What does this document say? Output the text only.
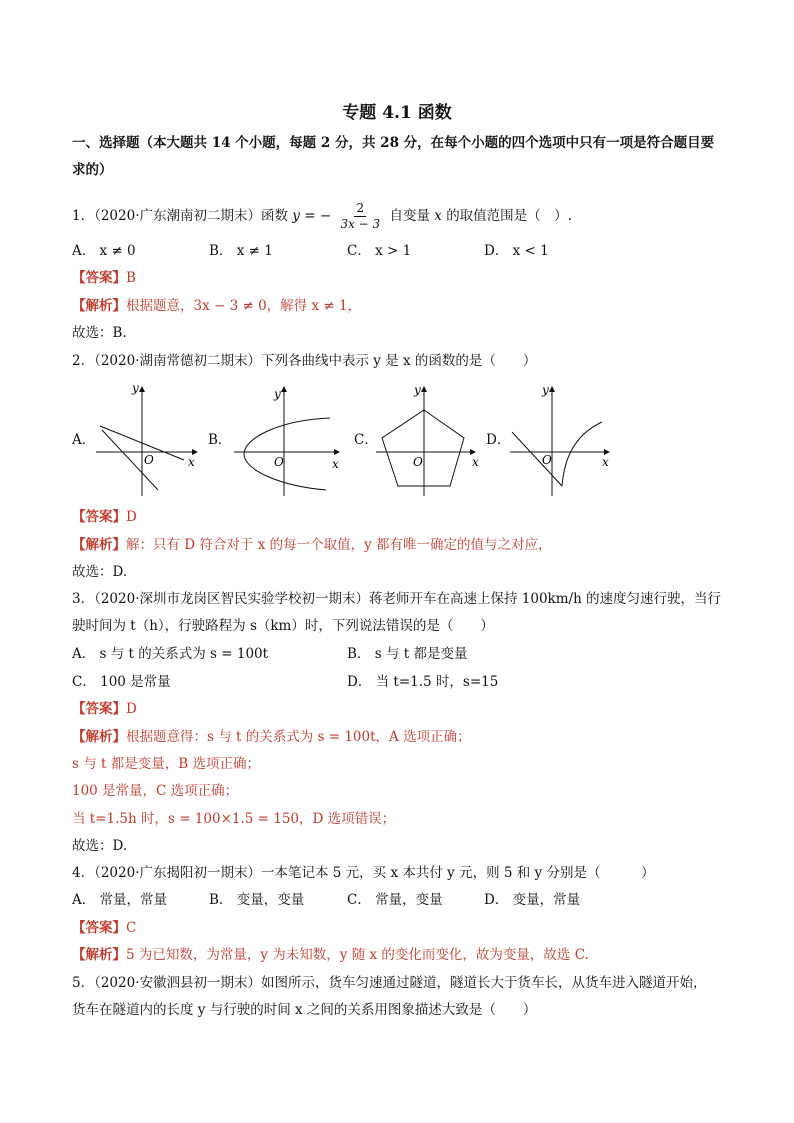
专题 4.1 函数
一、选择题（本大题共 14 个小题，每题 2 分，共 28 分，在每个小题的四个选项中只有一项是符合题目要
求的）
1．（2020·广东潮南初二期末）函数 y = − $\frac{2}{3x - 3}$ 自变量 x 的取值范围是（　）.
A． x ≠ 0	B． x ≠ 1	C． x > 1	D． x < 1
【答案】B
【解析】根据题意，3x − 3 ≠ 0，解得 x ≠ 1，
故选：B.
2．（2020·湖南常德初二期末）下列各曲线中表示 y 是 x 的函数的是（　　）
A．	B．	C．	D．
y
x
O
y
x
O
y
x
O
y
x
O
【答案】D
【解析】解：只有 D 符合对于 x 的每一个取值，y 都有唯一确定的值与之对应，
故选：D.
3．（2020·深圳市龙岗区智民实验学校初一期末）蒋老师开车在高速上保持 100km/h 的速度匀速行驶，当行
驶时间为 t（h），行驶路程为 s（km）时，下列说法错误的是（　　）
A． s 与 t 的关系式为 s = 100t	B． s 与 t 都是变量
C． 100 是常量	D． 当 t=1.5 时，s=15
【答案】D
【解析】根据题意得：s 与 t 的关系式为 s = 100t，A 选项正确；
s 与 t 都是变量，B 选项正确；
100 是常量，C 选项正确；
当 t=1.5h 时，s = 100×1.5 = 150，D 选项错误；
故选：D.
4．（2020·广东揭阳初一期末）一本笔记本 5 元，买 x 本共付 y 元，则 5 和 y 分别是（　　　）
A． 常量，常量	B． 变量，变量	C． 常量，变量	D． 变量，常量
【答案】C
【解析】5 为已知数，为常量，y 为未知数，y 随 x 的变化而变化，故为变量，故选 C.
5．（2020·安徽泗县初一期末）如图所示，货车匀速通过隧道，隧道长大于货车长，从货车进入隧道开始，
货车在隧道内的长度 y 与行驶的时间 x 之间的关系用图象描述大致是（　　）
